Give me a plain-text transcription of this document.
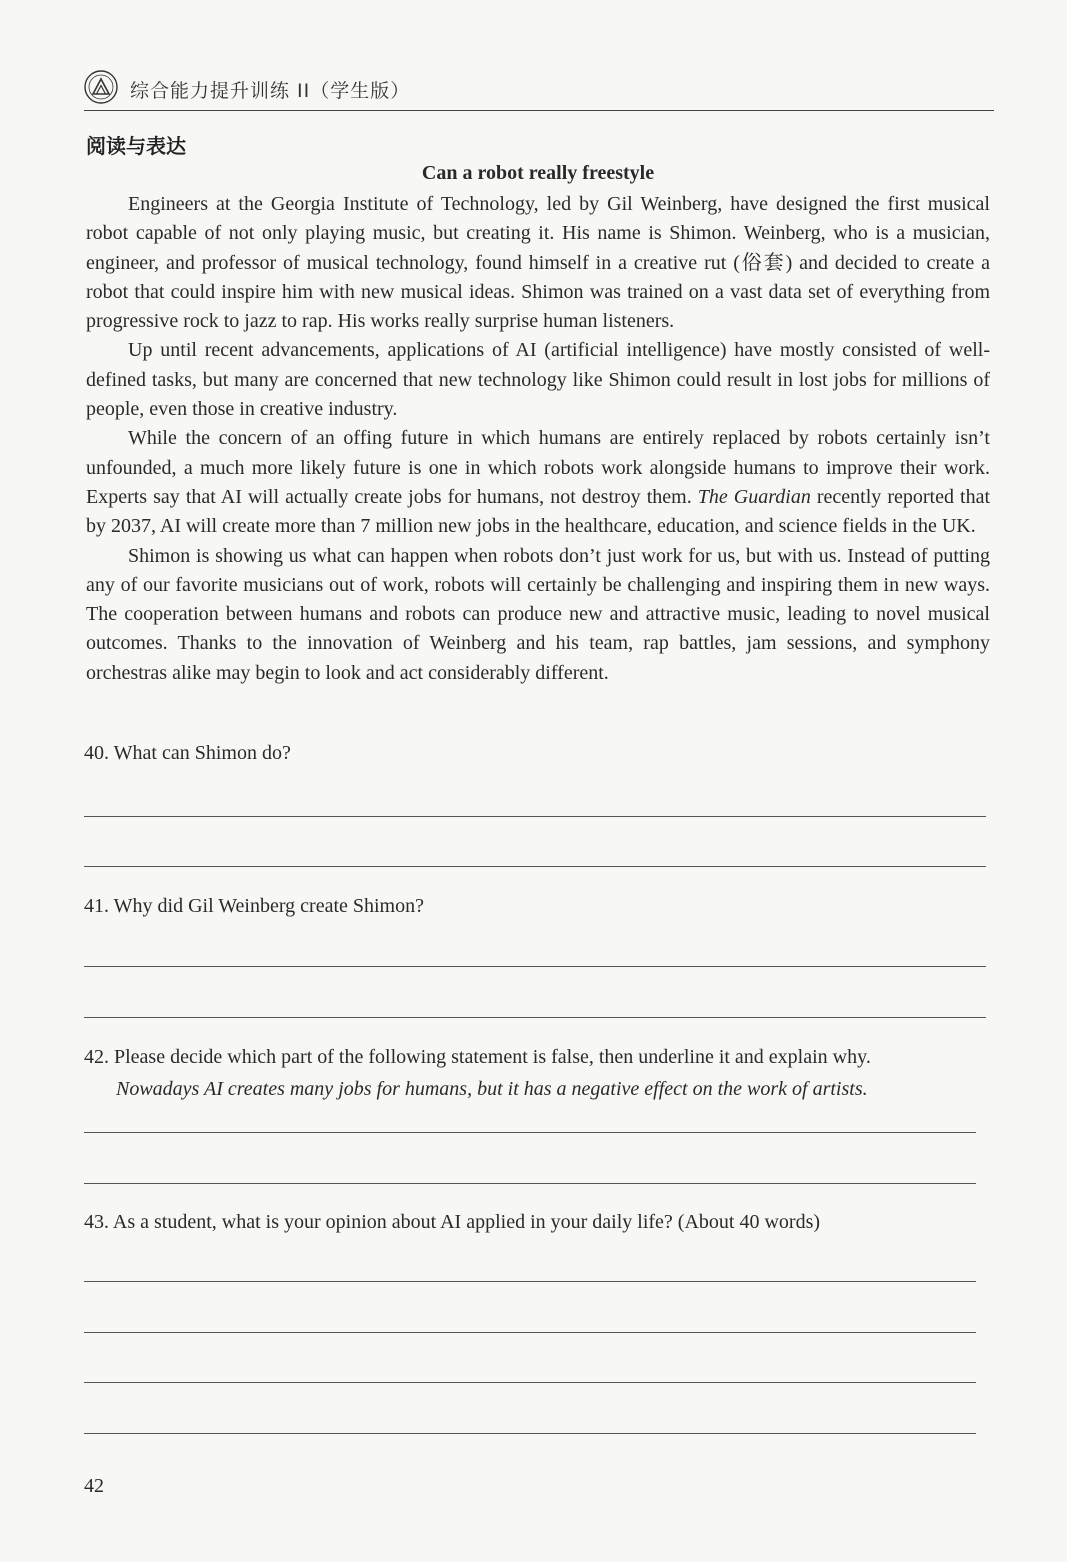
综合能力提升训练 II（学生版）
阅读与表达
Can a robot really freestyle

Engineers at the Georgia Institute of Technology, led by Gil Weinberg, have designed the first musical robot capable of not only playing music, but creating it. His name is Shimon. Weinberg, who is a musician, engineer, and professor of musical technology, found himself in a creative rut (俗套) and decided to create a robot that could inspire him with new musical ideas. Shimon was trained on a vast data set of everything from progressive rock to jazz to rap. His works really surprise human listeners.

Up until recent advancements, applications of AI (artificial intelligence) have mostly consisted of well-defined tasks, but many are concerned that new technology like Shimon could result in lost jobs for millions of people, even those in creative industry.

While the concern of an offing future in which humans are entirely replaced by robots certainly isn’t unfounded, a much more likely future is one in which robots work alongside humans to improve their work. Experts say that AI will actually create jobs for humans, not destroy them. The Guardian recently reported that by 2037, AI will create more than 7 million new jobs in the healthcare, education, and science fields in the UK.

Shimon is showing us what can happen when robots don’t just work for us, but with us. Instead of putting any of our favorite musicians out of work, robots will certainly be challenging and inspiring them in new ways. The cooperation between humans and robots can produce new and attractive music, leading to novel musical outcomes. Thanks to the innovation of Weinberg and his team, rap battles, jam sessions, and symphony orchestras alike may begin to look and act considerably different.

40. What can Shimon do?
41. Why did Gil Weinberg create Shimon?
42. Please decide which part of the following statement is false, then underline it and explain why.
Nowadays AI creates many jobs for humans, but it has a negative effect on the work of artists.
43. As a student, what is your opinion about AI applied in your daily life? (About 40 words)
42
